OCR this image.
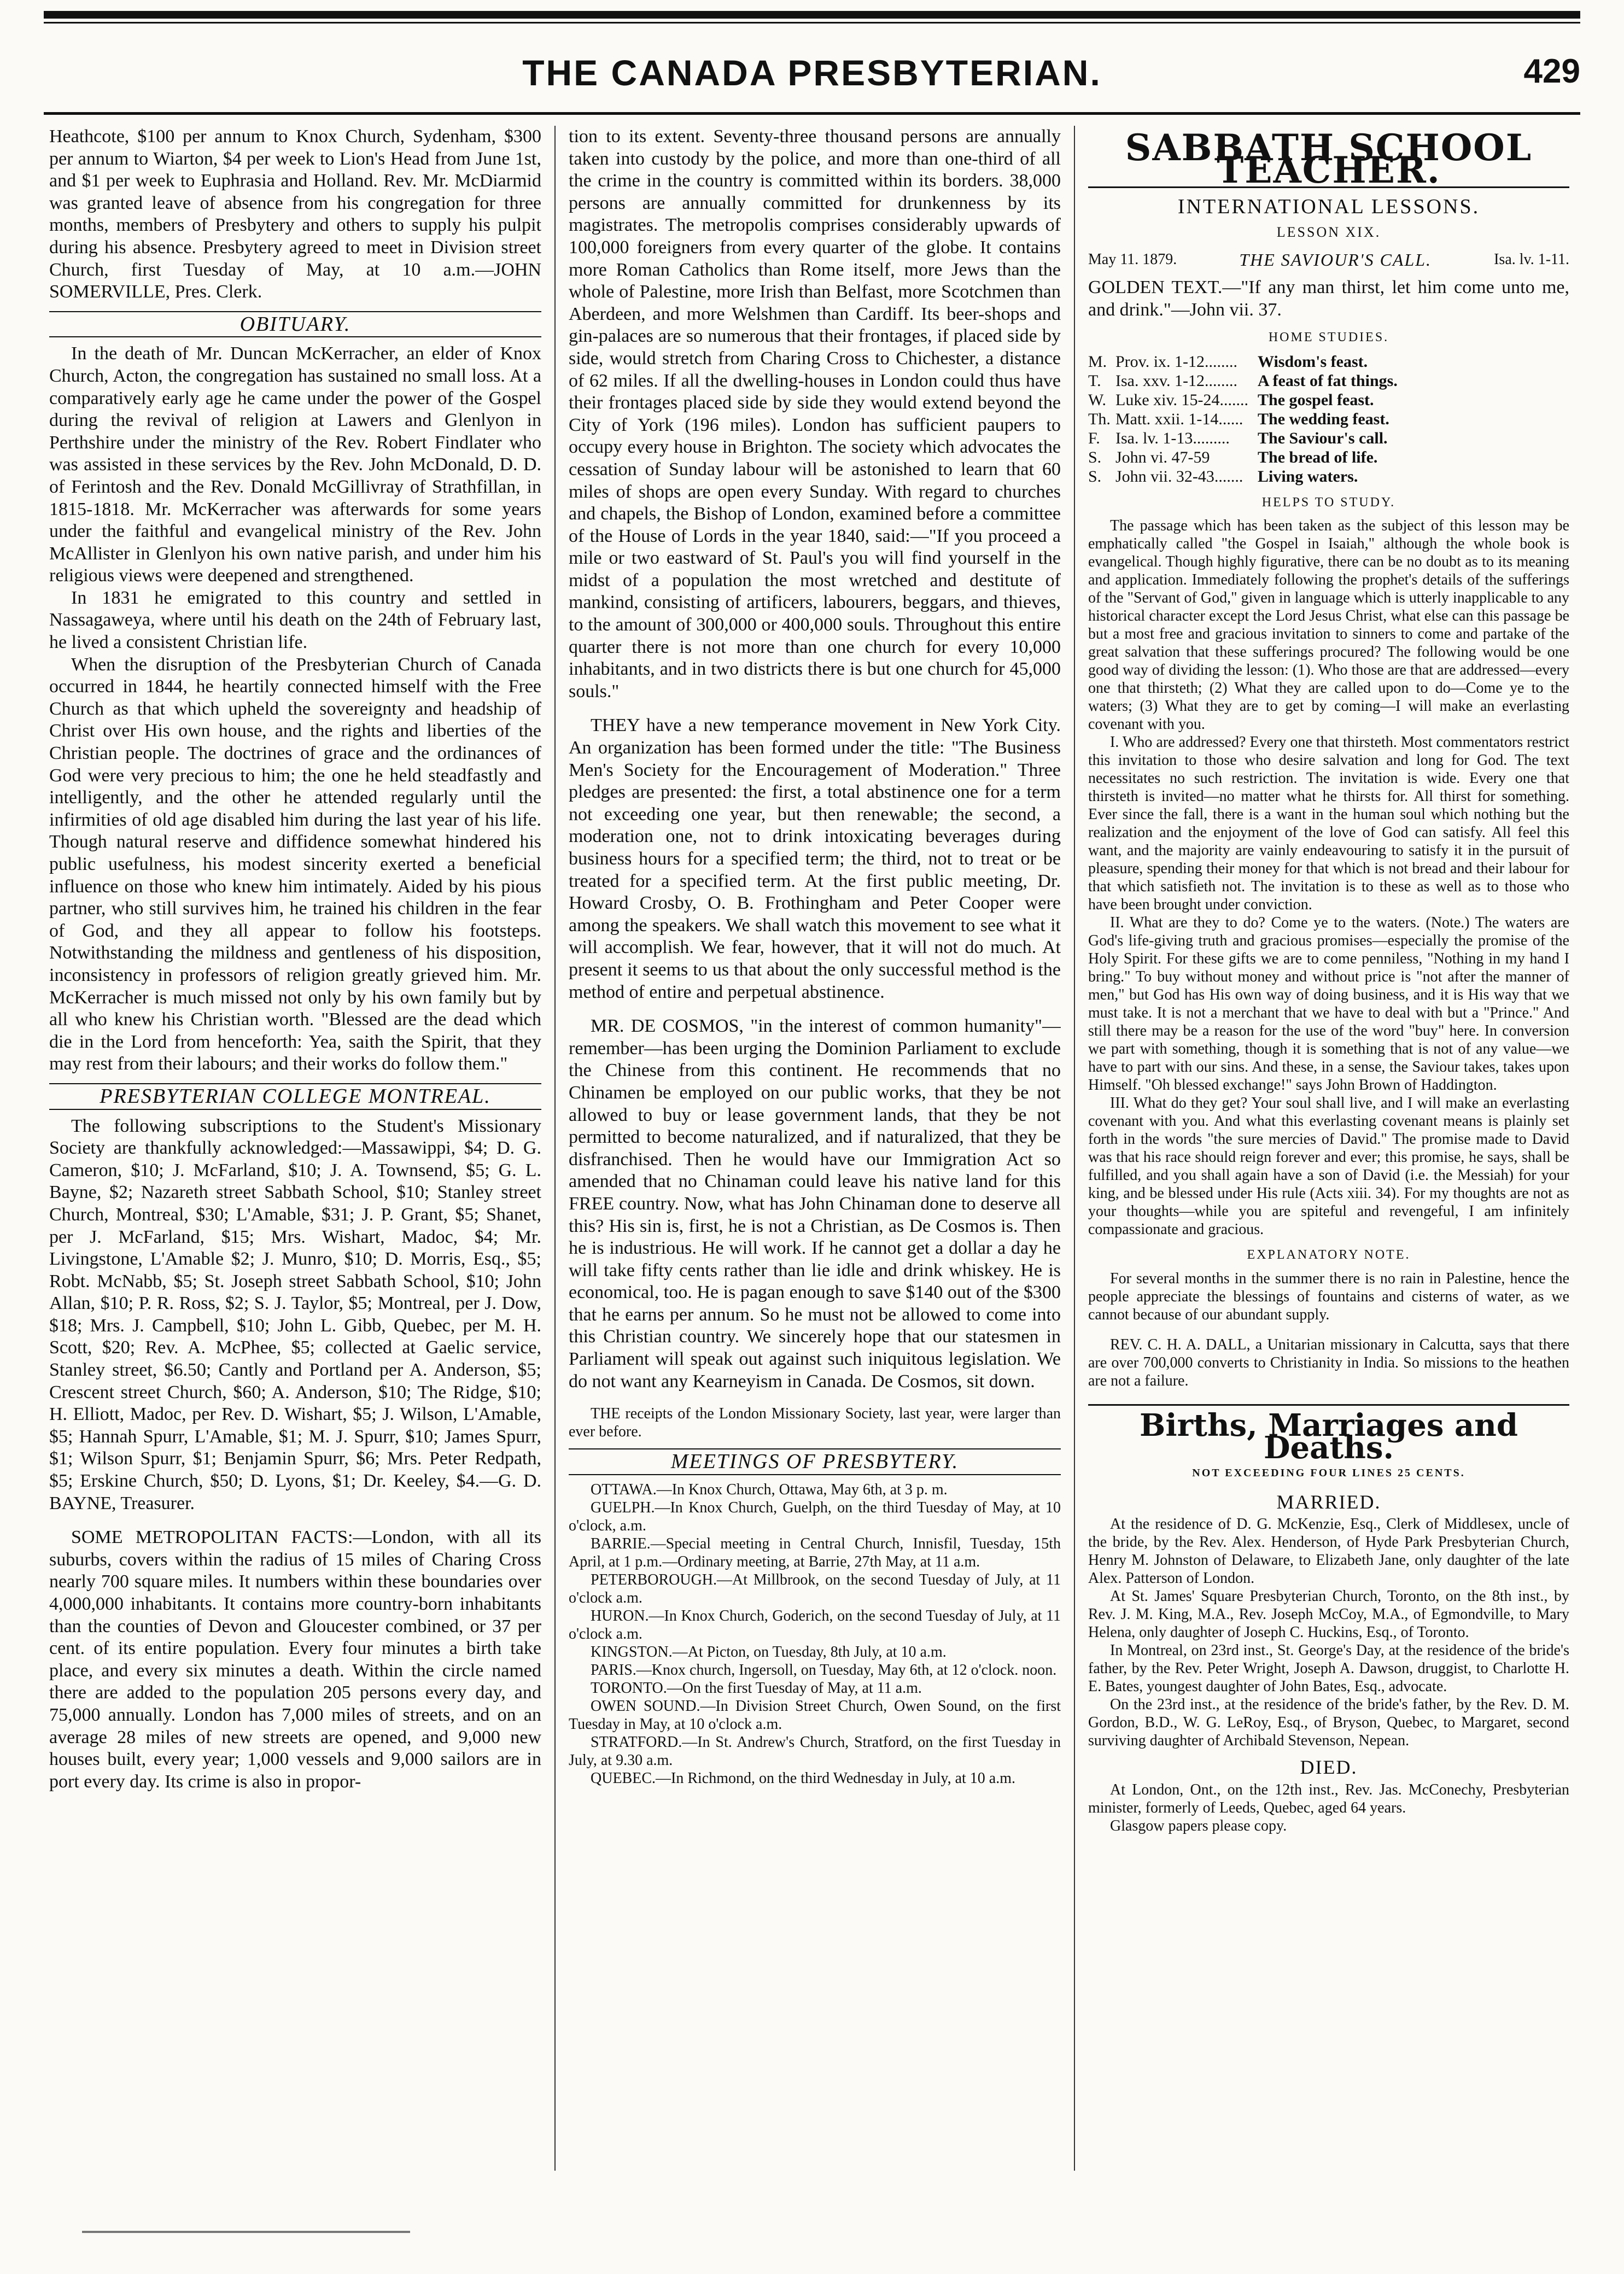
THE CANADA PRESBYTERIAN.	429

Heathcote, $100 per annum to Knox Church, Sydenham, $300 per annum to Wiarton, $4 per week to Lion's Head from June 1st, and $1 per week to Euphrasia and Holland. Rev. Mr. McDiarmid was granted leave of absence from his congregation for three months, members of Presbytery and others to supply his pulpit during his absence. Presbytery agreed to meet in Division street Church, first Tuesday of May, at 10 a.m.—JOHN SOMERVILLE, Pres. Clerk.

OBITUARY.

In the death of Mr. Duncan McKerracher, an elder of Knox Church, Acton, the congregation has sustained no small loss. At a comparatively early age he came under the power of the Gospel during the revival of religion at Lawers and Glenlyon in Perthshire under the ministry of the Rev. Robert Findlater who was assisted in these services by the Rev. John McDonald, D. D. of Ferintosh and the Rev. Donald McGillivray of Strathfillan, in 1815-1818. Mr. McKerracher was afterwards for some years under the faithful and evangelical ministry of the Rev. John McAllister in Glenlyon his own native parish, and under him his religious views were deepened and strengthened.

In 1831 he emigrated to this country and settled in Nassagaweya, where until his death on the 24th of February last, he lived a consistent Christian life.

When the disruption of the Presbyterian Church of Canada occurred in 1844, he heartily connected himself with the Free Church as that which upheld the sovereignty and headship of Christ over His own house, and the rights and liberties of the Christian people. The doctrines of grace and the ordinances of God were very precious to him; the one he held steadfastly and intelligently, and the other he attended regularly until the infirmities of old age disabled him during the last year of his life. Though natural reserve and diffidence somewhat hindered his public usefulness, his modest sincerity exerted a beneficial influence on those who knew him intimately. Aided by his pious partner, who still survives him, he trained his children in the fear of God, and they all appear to follow his footsteps. Notwithstanding the mildness and gentleness of his disposition, inconsistency in professors of religion greatly grieved him. Mr. McKerracher is much missed not only by his own family but by all who knew his Christian worth. "Blessed are the dead which die in the Lord from henceforth: Yea, saith the Spirit, that they may rest from their labours; and their works do follow them."

PRESBYTERIAN COLLEGE MONTREAL.

The following subscriptions to the Student's Missionary Society are thankfully acknowledged:—Massawippi, $4; D. G. Cameron, $10; J. McFarland, $10; J. A. Townsend, $5; G. L. Bayne, $2; Nazareth street Sabbath School, $10; Stanley street Church, Montreal, $30; L'Amable, $31; J. P. Grant, $5; Shanet, per J. McFarland, $15; Mrs. Wishart, Madoc, $4; Mr. Livingstone, L'Amable $2; J. Munro, $10; D. Morris, Esq., $5; Robt. McNabb, $5; St. Joseph street Sabbath School, $10; John Allan, $10; P. R. Ross, $2; S. J. Taylor, $5; Montreal, per J. Dow, $18; Mrs. J. Campbell, $10; John L. Gibb, Quebec, per M. H. Scott, $20; Rev. A. McPhee, $5; collected at Gaelic service, Stanley street, $6.50; Cantly and Portland per A. Anderson, $5; Crescent street Church, $60; A. Anderson, $10; The Ridge, $10; H. Elliott, Madoc, per Rev. D. Wishart, $5; J. Wilson, L'Amable, $5; Hannah Spurr, L'Amable, $1; M. J. Spurr, $10; James Spurr, $1; Wilson Spurr, $1; Benjamin Spurr, $6; Mrs. Peter Redpath, $5; Erskine Church, $50; D. Lyons, $1; Dr. Keeley, $4.—G. D. BAYNE, Treasurer.

SOME METROPOLITAN FACTS:—London, with all its suburbs, covers within the radius of 15 miles of Charing Cross nearly 700 square miles. It numbers within these boundaries over 4,000,000 inhabitants. It contains more country-born inhabitants than the counties of Devon and Gloucester combined, or 37 per cent. of its entire population. Every four minutes a birth take place, and every six minutes a death. Within the circle named there are added to the population 205 persons every day, and 75,000 annually. London has 7,000 miles of streets, and on an average 28 miles of new streets are opened, and 9,000 new houses built, every year; 1,000 vessels and 9,000 sailors are in port every day. Its crime is also in propor-

tion to its extent. Seventy-three thousand persons are annually taken into custody by the police, and more than one-third of all the crime in the country is committed within its borders. 38,000 persons are annually committed for drunkenness by its magistrates. The metropolis comprises considerably upwards of 100,000 foreigners from every quarter of the globe. It contains more Roman Catholics than Rome itself, more Jews than the whole of Palestine, more Irish than Belfast, more Scotchmen than Aberdeen, and more Welshmen than Cardiff. Its beer-shops and gin-palaces are so numerous that their frontages, if placed side by side, would stretch from Charing Cross to Chichester, a distance of 62 miles. If all the dwelling-houses in London could thus have their frontages placed side by side they would extend beyond the City of York (196 miles). London has sufficient paupers to occupy every house in Brighton. The society which advocates the cessation of Sunday labour will be astonished to learn that 60 miles of shops are open every Sunday. With regard to churches and chapels, the Bishop of London, examined before a committee of the House of Lords in the year 1840, said:—"If you proceed a mile or two eastward of St. Paul's you will find yourself in the midst of a population the most wretched and destitute of mankind, consisting of artificers, labourers, beggars, and thieves, to the amount of 300,000 or 400,000 souls. Throughout this entire quarter there is not more than one church for every 10,000 inhabitants, and in two districts there is but one church for 45,000 souls."

THEY have a new temperance movement in New York City. An organization has been formed under the title: "The Business Men's Society for the Encouragement of Moderation." Three pledges are presented: the first, a total abstinence one for a term not exceeding one year, but then renewable; the second, a moderation one, not to drink intoxicating beverages during business hours for a specified term; the third, not to treat or be treated for a specified term. At the first public meeting, Dr. Howard Crosby, O. B. Frothingham and Peter Cooper were among the speakers. We shall watch this movement to see what it will accomplish. We fear, however, that it will not do much. At present it seems to us that about the only successful method is the method of entire and perpetual abstinence.

MR. DE COSMOS, "in the interest of common humanity"—remember—has been urging the Dominion Parliament to exclude the Chinese from this continent. He recommends that no Chinamen be employed on our public works, that they be not allowed to buy or lease government lands, that they be not permitted to become naturalized, and if naturalized, that they be disfranchised. Then he would have our Immigration Act so amended that no Chinaman could leave his native land for this FREE country. Now, what has John Chinaman done to deserve all this? His sin is, first, he is not a Christian, as De Cosmos is. Then he is industrious. He will work. If he cannot get a dollar a day he will take fifty cents rather than lie idle and drink whiskey. He is economical, too. He is pagan enough to save $140 out of the $300 that he earns per annum. So he must not be allowed to come into this Christian country. We sincerely hope that our statesmen in Parliament will speak out against such iniquitous legislation. We do not want any Kearneyism in Canada. De Cosmos, sit down.

THE receipts of the London Missionary Society, last year, were larger than ever before.

MEETINGS OF PRESBYTERY.

OTTAWA.—In Knox Church, Ottawa, May 6th, at 3 p. m.

GUELPH.—In Knox Church, Guelph, on the third Tuesday of May, at 10 o'clock, a.m.

BARRIE.—Special meeting in Central Church, Innisfil, Tuesday, 15th April, at 1 p.m.—Ordinary meeting, at Barrie, 27th May, at 11 a.m.

PETERBOROUGH.—At Millbrook, on the second Tuesday of July, at 11 o'clock a.m.

HURON.—In Knox Church, Goderich, on the second Tuesday of July, at 11 o'clock a.m.

KINGSTON.—At Picton, on Tuesday, 8th July, at 10 a.m.

PARIS.—Knox church, Ingersoll, on Tuesday, May 6th, at 12 o'clock. noon.

TORONTO.—On the first Tuesday of May, at 11 a.m.

OWEN SOUND.—In Division Street Church, Owen Sound, on the first Tuesday in May, at 10 o'clock a.m.

STRATFORD.—In St. Andrew's Church, Stratford, on the first Tuesday in July, at 9.30 a.m.

QUEBEC.—In Richmond, on the third Wednesday in July, at 10 a.m.

SABBATH SCHOOL TEACHER.
INTERNATIONAL LESSONS.
LESSON XIX.
May 11. 1879.	THE SAVIOUR'S CALL.	Isa. lv. 1-11.

GOLDEN TEXT.—"If any man thirst, let him come unto me, and drink."—John vii. 37.

HOME STUDIES.
M. Prov. ix. 1-12........	Wisdom's feast.
T. Isa. xxv. 1-12........	A feast of fat things.
W. Luke xiv. 15-24....... The gospel feast.
Th. Matt. xxii. 1-14...... The wedding feast.
F. Isa. lv. 1-13.........	The Saviour's call.
S. John vi. 47-59	The bread of life.
S. John vii. 32-43....... Living waters.
HELPS TO STUDY.

The passage which has been taken as the subject of this lesson may be emphatically called "the Gospel in Isaiah," although the whole book is evangelical. Though highly figurative, there can be no doubt as to its meaning and application. Immediately following the prophet's details of the sufferings of the "Servant of God," given in language which is utterly inapplicable to any historical character except the Lord Jesus Christ, what else can this passage be but a most free and gracious invitation to sinners to come and partake of the great salvation that these sufferings procured? The following would be one good way of dividing the lesson: (1). Who those are that are addressed—every one that thirsteth; (2) What they are called upon to do—Come ye to the waters; (3) What they are to get by coming—I will make an everlasting covenant with you.

I. Who are addressed? Every one that thirsteth. Most commentators restrict this invitation to those who desire salvation and long for God. The text necessitates no such restriction. The invitation is wide. Every one that thirsteth is invited—no matter what he thirsts for. All thirst for something. Ever since the fall, there is a want in the human soul which nothing but the realization and the enjoyment of the love of God can satisfy. All feel this want, and the majority are vainly endeavouring to satisfy it in the pursuit of pleasure, spending their money for that which is not bread and their labour for that which satisfieth not. The invitation is to these as well as to those who have been brought under conviction.

II. What are they to do? Come ye to the waters. (Note.) The waters are God's life-giving truth and gracious promises—especially the promise of the Holy Spirit. For these gifts we are to come penniless, "Nothing in my hand I bring." To buy without money and without price is "not after the manner of men," but God has His own way of doing business, and it is His way that we must take. It is not a merchant that we have to deal with but a "Prince." And still there may be a reason for the use of the word "buy" here. In conversion we part with something, though it is something that is not of any value—we have to part with our sins. And these, in a sense, the Saviour takes, takes upon Himself. "Oh blessed exchange!" says John Brown of Haddington.

III. What do they get? Your soul shall live, and I will make an everlasting covenant with you. And what this everlasting covenant means is plainly set forth in the words "the sure mercies of David." The promise made to David was that his race should reign forever and ever; this promise, he says, shall be fulfilled, and you shall again have a son of David (i.e. the Messiah) for your king, and be blessed under His rule (Acts xiii. 34). For my thoughts are not as your thoughts—while you are spiteful and revengeful, I am infinitely compassionate and gracious.

EXPLANATORY NOTE.

For several months in the summer there is no rain in Palestine, hence the people appreciate the blessings of fountains and cisterns of water, as we cannot because of our abundant supply.

REV. C. H. A. DALL, a Unitarian missionary in Calcutta, says that there are over 700,000 converts to Christianity in India. So missions to the heathen are not a failure.

Births, Marriages and Deaths.
NOT EXCEEDING FOUR LINES 25 CENTS.
MARRIED.

At the residence of D. G. McKenzie, Esq., Clerk of Middlesex, uncle of the bride, by the Rev. Alex. Henderson, of Hyde Park Presbyterian Church, Henry M. Johnston of Delaware, to Elizabeth Jane, only daughter of the late Alex. Patterson of London.

At St. James' Square Presbyterian Church, Toronto, on the 8th inst., by Rev. J. M. King, M.A., Rev. Joseph McCoy, M.A., of Egmondville, to Mary Helena, only daughter of Joseph C. Huckins, Esq., of Toronto.

In Montreal, on 23rd inst., St. George's Day, at the residence of the bride's father, by the Rev. Peter Wright, Joseph A. Dawson, druggist, to Charlotte H. E. Bates, youngest daughter of John Bates, Esq., advocate.

On the 23rd inst., at the residence of the bride's father, by the Rev. D. M. Gordon, B.D., W. G. LeRoy, Esq., of Bryson, Quebec, to Margaret, second surviving daughter of Archibald Stevenson, Nepean.

DIED.

At London, Ont., on the 12th inst., Rev. Jas. McConechy, Presbyterian minister, formerly of Leeds, Quebec, aged 64 years.

Glasgow papers please copy.
